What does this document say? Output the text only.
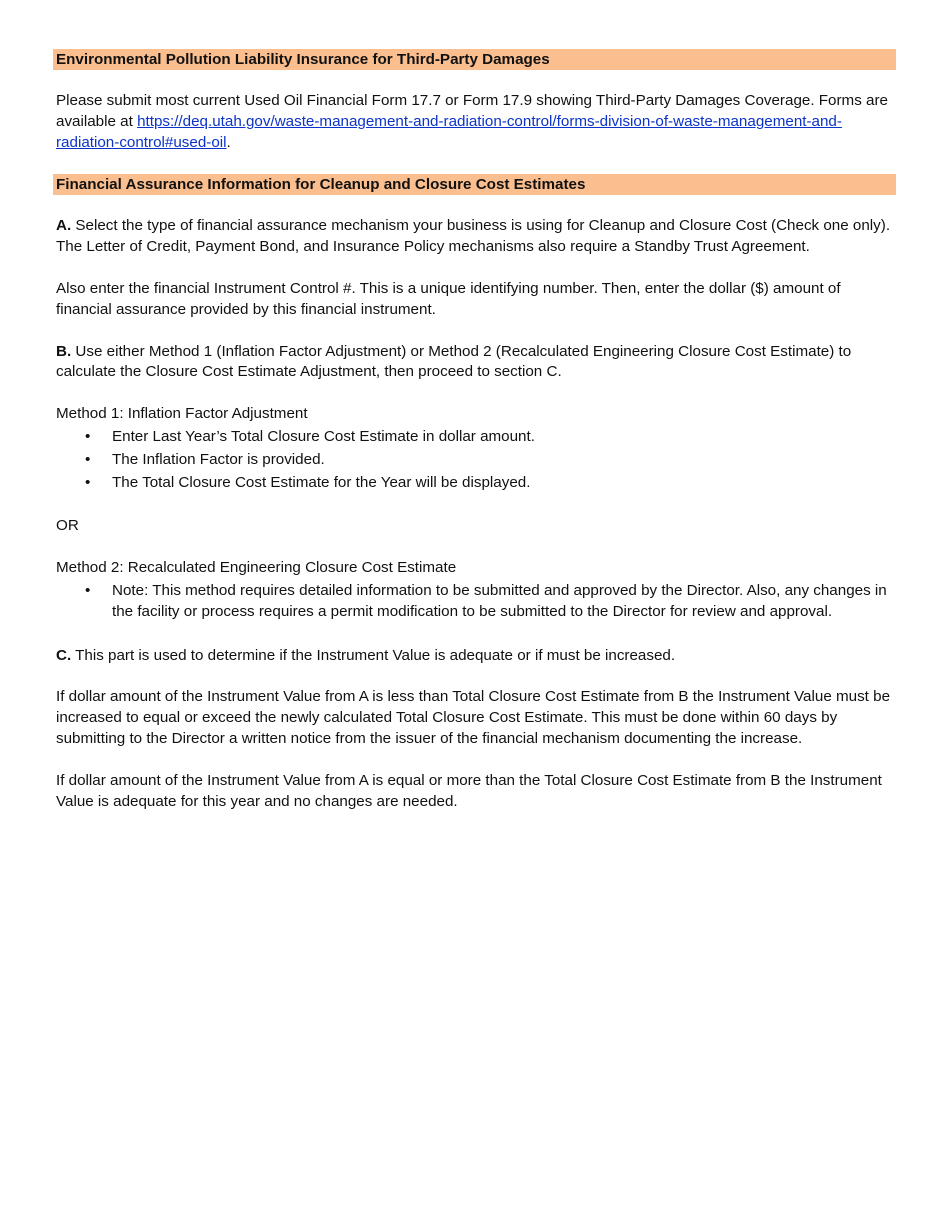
Environmental Pollution Liability Insurance for Third-Party Damages

Please submit most current Used Oil Financial Form 17.7 or Form 17.9 showing Third-Party Damages Coverage. Forms are available at https://deq.utah.gov/waste-management-and-radiation-control/forms-division-of-waste-management-and-radiation-control#used-oil.

Financial Assurance Information for Cleanup and Closure Cost Estimates

A. Select the type of financial assurance mechanism your business is using for Cleanup and Closure Cost (Check one only). The Letter of Credit, Payment Bond, and Insurance Policy mechanisms also require a Standby Trust Agreement.

Also enter the financial Instrument Control #. This is a unique identifying number. Then, enter the dollar ($) amount of financial assurance provided by this financial instrument.

B. Use either Method 1 (Inflation Factor Adjustment) or Method 2 (Recalculated Engineering Closure Cost Estimate) to calculate the Closure Cost Estimate Adjustment, then proceed to section C.

Method 1: Inflation Factor Adjustment

• Enter Last Year’s Total Closure Cost Estimate in dollar amount.
• The Inflation Factor is provided.
• The Total Closure Cost Estimate for the Year will be displayed.

OR

Method 2: Recalculated Engineering Closure Cost Estimate

• Note: This method requires detailed information to be submitted and approved by the Director. Also, any changes in the facility or process requires a permit modification to be submitted to the Director for review and approval.

C. This part is used to determine if the Instrument Value is adequate or if must be increased.

If dollar amount of the Instrument Value from A is less than Total Closure Cost Estimate from B the Instrument Value must be increased to equal or exceed the newly calculated Total Closure Cost Estimate. This must be done within 60 days by submitting to the Director a written notice from the issuer of the financial mechanism documenting the increase.

If dollar amount of the Instrument Value from A is equal or more than the Total Closure Cost Estimate from B the Instrument Value is adequate for this year and no changes are needed.
